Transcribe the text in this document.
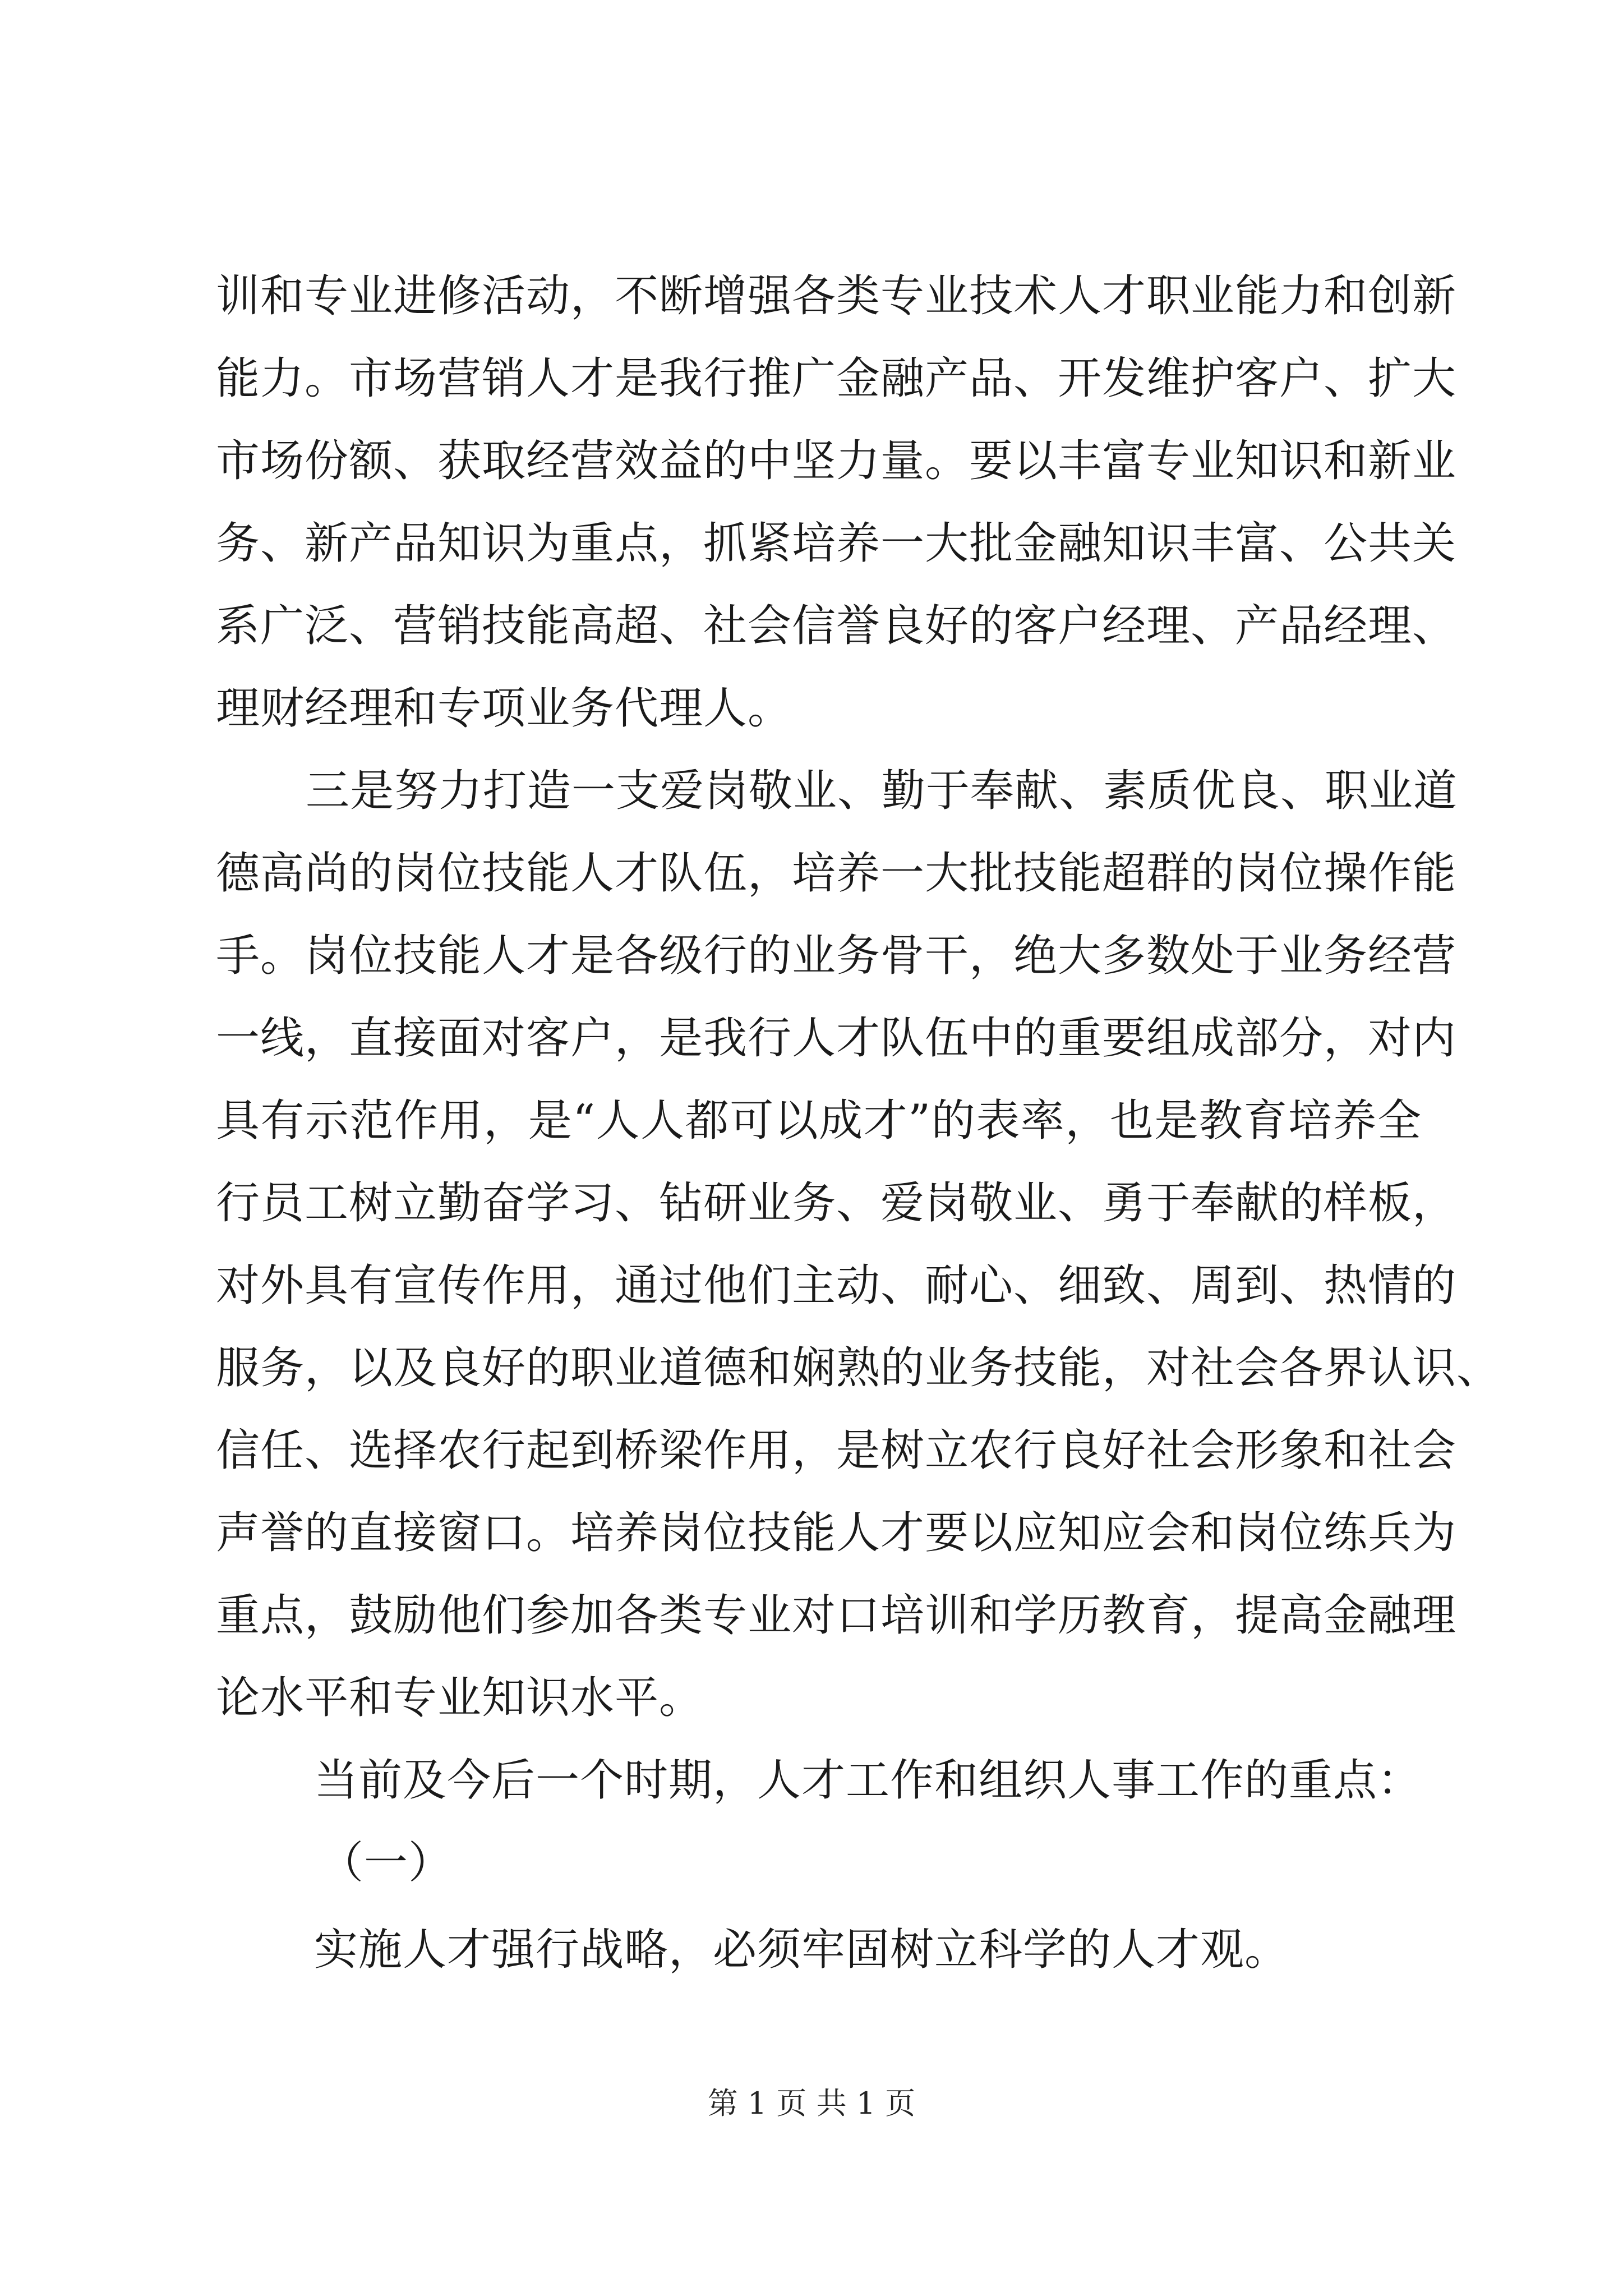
训和专业进修活动，不断增强各类专业技术人才职业能力和创新
能力。市场营销人才是我行推广金融产品、开发维护客户、扩大
市场份额、获取经营效益的中坚力量。要以丰富专业知识和新业
务、新产品知识为重点，抓紧培养一大批金融知识丰富、公共关
系广泛、营销技能高超、社会信誉良好的客户经理、产品经理、
理财经理和专项业务代理人。
三是努力打造一支爱岗敬业、勤于奉献、素质优良、职业道
德高尚的岗位技能人才队伍，培养一大批技能超群的岗位操作能
手。岗位技能人才是各级行的业务骨干，绝大多数处于业务经营
一线，直接面对客户，是我行人才队伍中的重要组成部分，对内
具有示范作用，是“人人都可以成才”的表率，也是教育培养全
行员工树立勤奋学习、钻研业务、爱岗敬业、勇于奉献的样板，
对外具有宣传作用，通过他们主动、耐心、细致、周到、热情的
服务，以及良好的职业道德和娴熟的业务技能，对社会各界认识、
信任、选择农行起到桥梁作用，是树立农行良好社会形象和社会
声誉的直接窗口。培养岗位技能人才要以应知应会和岗位练兵为
重点，鼓励他们参加各类专业对口培训和学历教育，提高金融理
论水平和专业知识水平。
当前及今后一个时期，人才工作和组织人事工作的重点：
（一）
实施人才强行战略，必须牢固树立科学的人才观。
第 1 页 共 1 页
